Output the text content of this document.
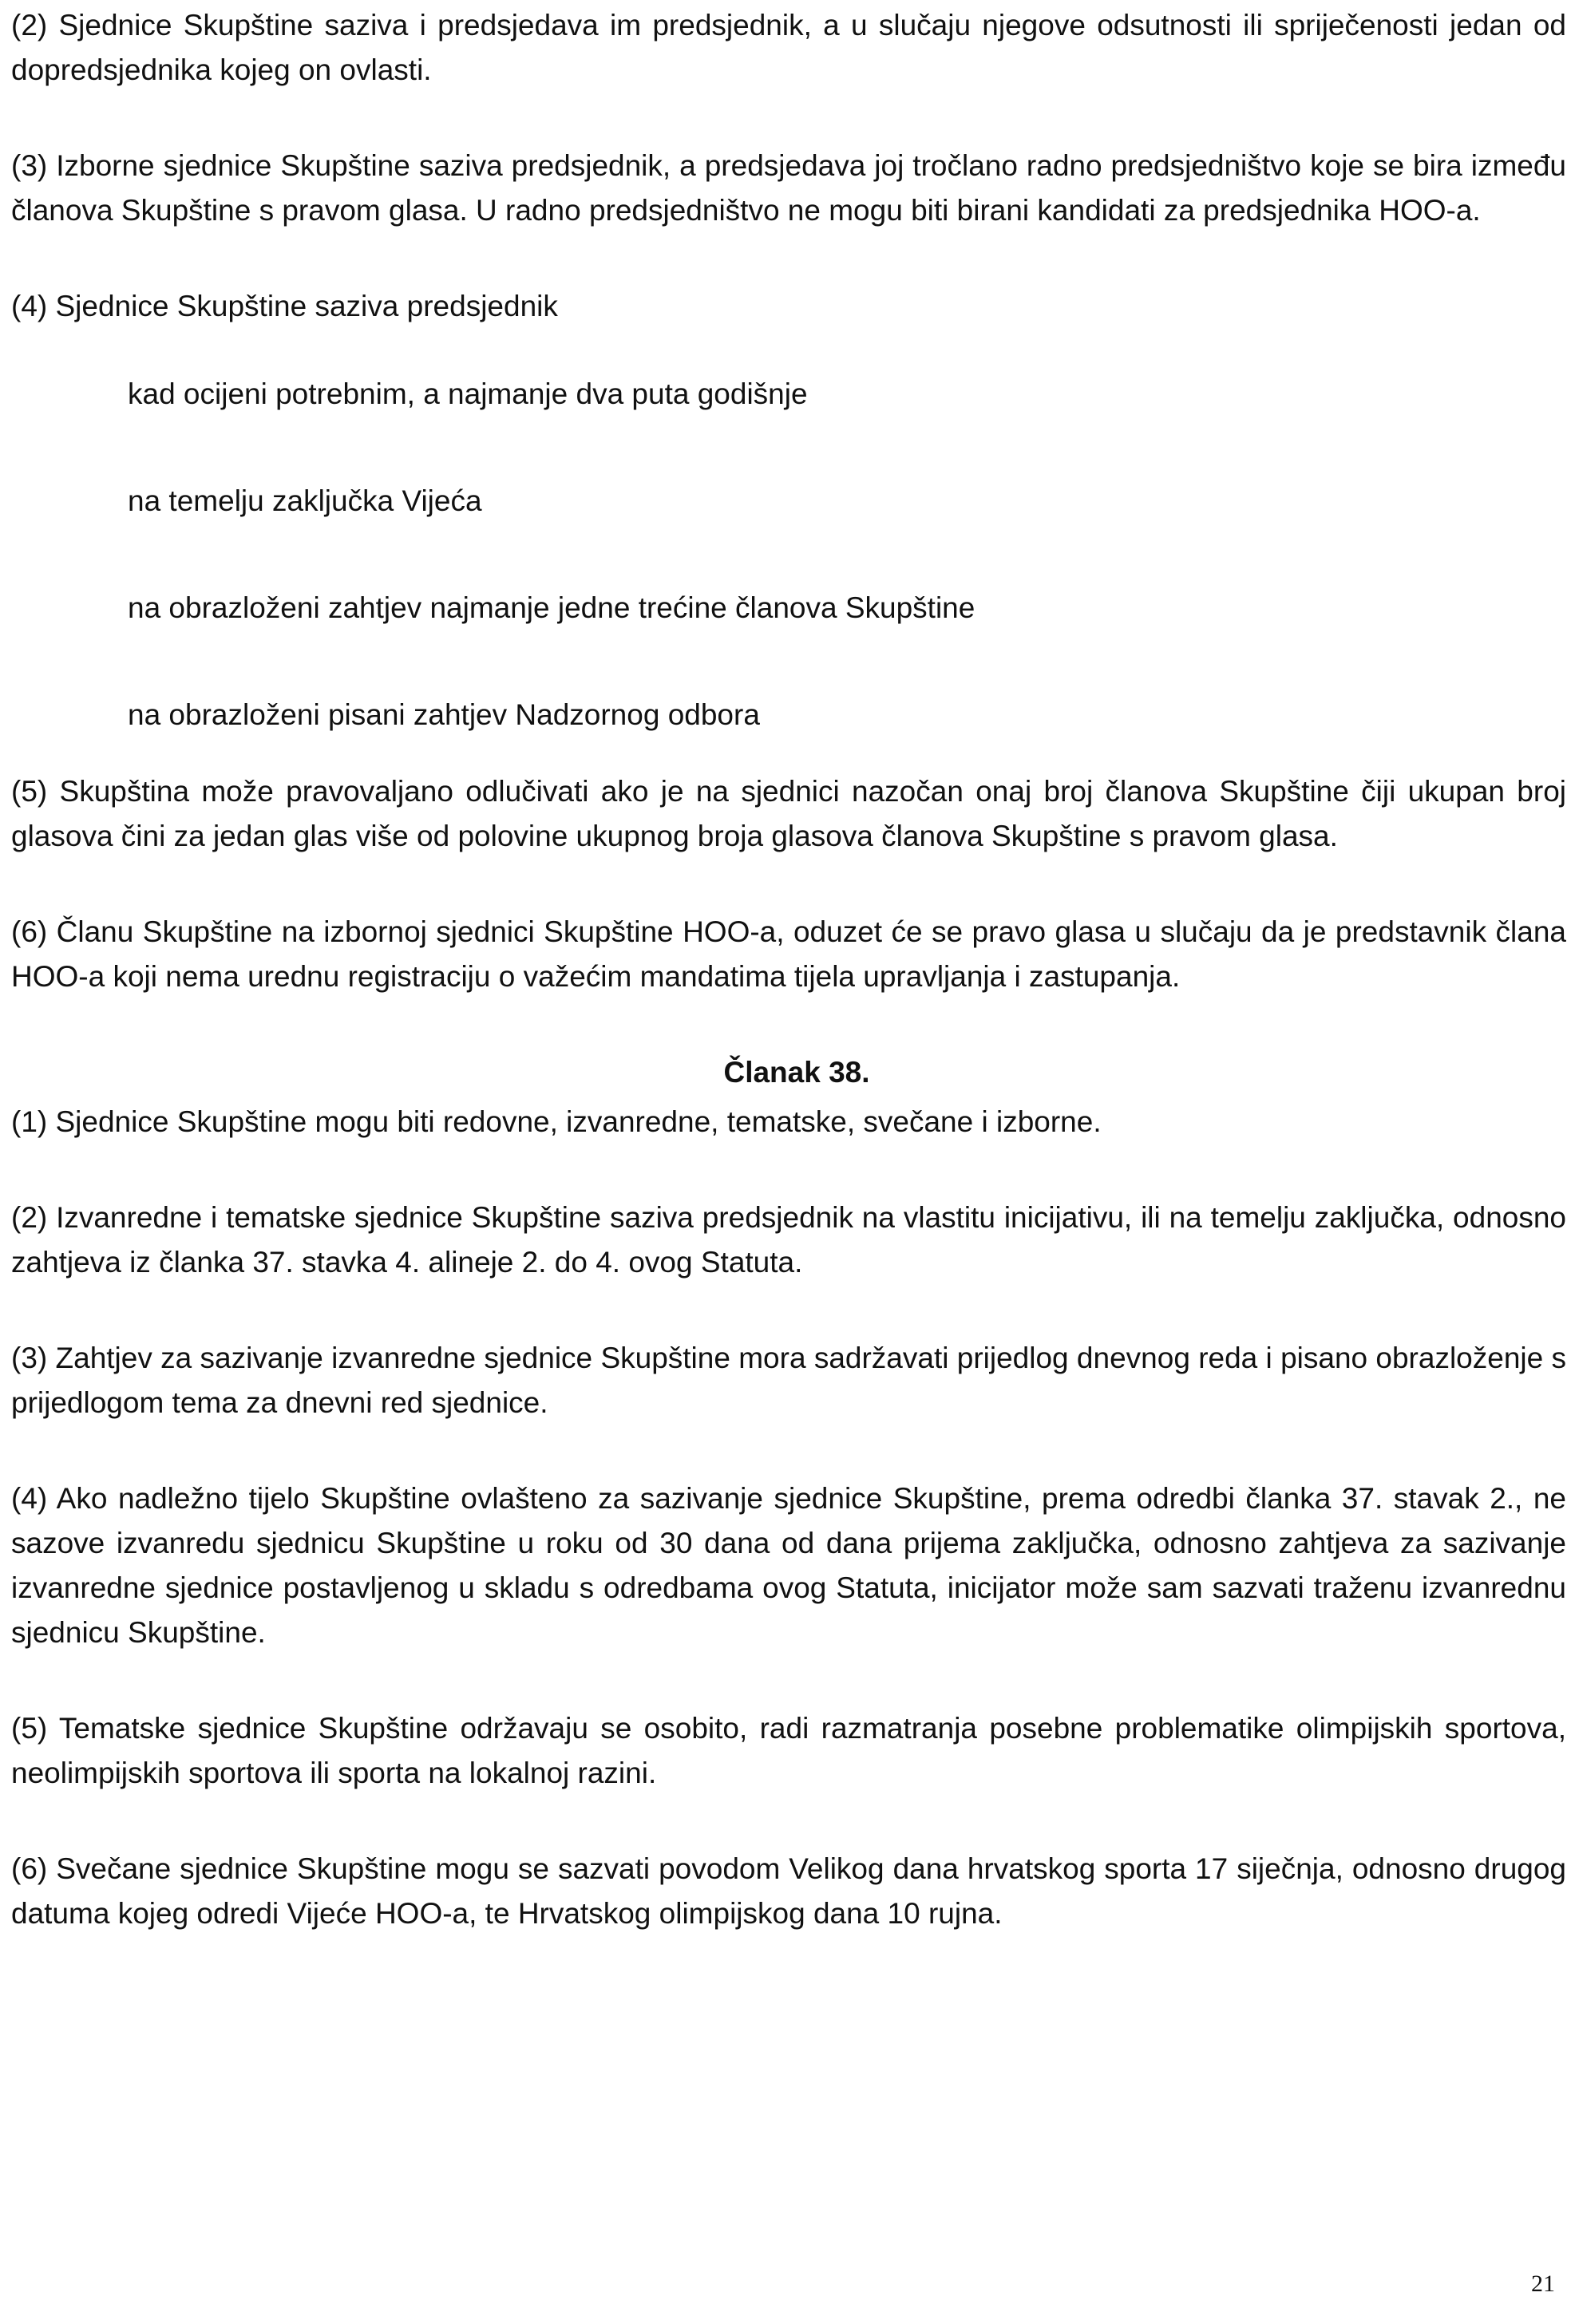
(2) Sjednice Skupštine saziva i predsjedava im predsjednik, a u slučaju njegove odsutnosti ili spriječenosti jedan od dopredsjednika kojeg on ovlasti.

(3) Izborne sjednice Skupštine saziva predsjednik, a predsjedava joj tročlano radno predsjedništvo koje se bira između članova Skupštine s pravom glasa. U radno predsjedništvo ne mogu biti birani kandidati za predsjednika HOO-a.

(4) Sjednice Skupštine saziva predsjednik

kad ocijeni potrebnim, a najmanje dva puta godišnje
na temelju zaključka Vijeća
na obrazloženi zahtjev najmanje jedne trećine članova Skupštine
na obrazloženi pisani zahtjev Nadzornog odbora

(5) Skupština može pravovaljano odlučivati ako je na sjednici nazočan onaj broj članova Skupštine čiji ukupan broj glasova čini za jedan glas više od polovine ukupnog broja glasova članova Skupštine s pravom glasa.

(6) Članu Skupštine na izbornoj sjednici Skupštine HOO-a, oduzet će se pravo glasa u slučaju da je predstavnik člana HOO-a koji nema urednu registraciju o važećim mandatima tijela upravljanja i zastupanja.

Članak 38.

(1) Sjednice Skupštine mogu biti redovne, izvanredne, tematske, svečane i izborne.

(2) Izvanredne i tematske sjednice Skupštine saziva predsjednik na vlastitu inicijativu, ili na temelju zaključka, odnosno zahtjeva iz članka 37. stavka 4. alineje 2. do 4. ovog Statuta.

(3) Zahtjev za sazivanje izvanredne sjednice Skupštine mora sadržavati prijedlog dnevnog reda i pisano obrazloženje s prijedlogom tema za dnevni red sjednice.

(4) Ako nadležno tijelo Skupštine ovlašteno za sazivanje sjednice Skupštine, prema odredbi članka 37. stavak 2., ne sazove izvanredu sjednicu Skupštine u roku od 30 dana od dana prijema zaključka, odnosno zahtjeva za sazivanje izvanredne sjednice postavljenog u skladu s odredbama ovog Statuta, inicijator može sam sazvati traženu izvanrednu sjednicu Skupštine.

(5) Tematske sjednice Skupštine održavaju se osobito, radi razmatranja posebne problematike olimpijskih sportova, neolimpijskih sportova ili sporta na lokalnoj razini.

(6) Svečane sjednice Skupštine mogu se sazvati povodom Velikog dana hrvatskog sporta 17 siječnja, odnosno drugog datuma kojeg odredi Vijeće HOO-a, te Hrvatskog olimpijskog dana 10 rujna.

21
